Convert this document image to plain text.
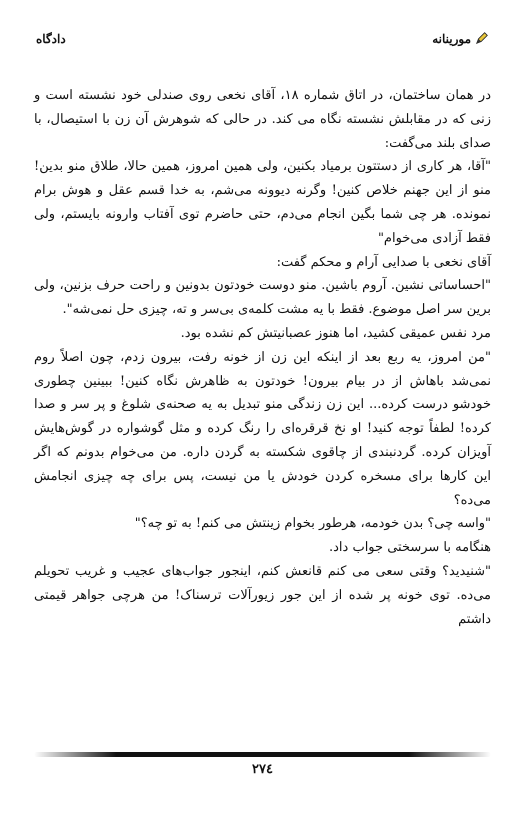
مورينانه
دادگاه

در همان ساختمان، در اتاق شماره ۱۸، آقای نخعی روی صندلی خود نشسته است و زنی که در مقابلش نشسته نگاه می کند. در حالی که شوهرش آن زن با استیصال، با صدای بلند می‌گفت:

"آقا، هر کاری از دستتون برمیاد بکنین، ولی همین امروز، همین حالا، طلاق منو بدین! منو از این جهنم خلاص کنین! وگرنه دیوونه می‌شم، به خدا قسم عقل و هوش برام نمونده. هر چی شما بگین انجام می‌دم، حتی حاضرم توی آفتاب وارونه بایستم، ولی فقط آزادی می‌خوام"

آقای نخعی با صدایی آرام و محکم گفت:

"احساساتی نشین. آروم باشین. منو دوست خودتون بدونین و راحت حرف بزنین، ولی برین سر اصل موضوع. فقط با یه مشت کلمه‌ی بی‌سر و ته، چیزی حل نمی‌شه".

مرد نفس عمیقی کشید، اما هنوز عصبانیتش کم نشده بود.

"من امروز، یه ربع بعد از اینکه این زن از خونه رفت، بیرون زدم، چون اصلاً روم نمی‌شد باهاش از در بیام بیرون! خودتون به ظاهرش نگاه کنین! ببینین چطوری خودشو درست کرده... این زن زندگی منو تبدیل به یه صحنه‌ی شلوغ و پر سر و صدا کرده! لطفاً توجه کنید! او نخ قرقره‌ای را رنگ کرده و مثل گوشواره در گوش‌هایش آویزان کرده. گردنبندی از چاقوی شکسته به گردن داره. من می‌خوام بدونم که اگر این کارها برای مسخره کردن خودش یا من نیست، پس برای چه چیزی انجامش می‌ده؟

"واسه چی؟ بدن خودمه، هرطور بخوام زینتش می کنم! به تو چه؟"

هنگامه با سرسختی جواب داد.

"شنیدید؟ وقتی سعی می کنم قانعش کنم، اینجور جواب‌های عجیب و غریب تحویلم می‌ده. توی خونه پر شده از این جور زیورآلات ترسناک! من هرچی جواهر قیمتی داشتم

۲۷٤
